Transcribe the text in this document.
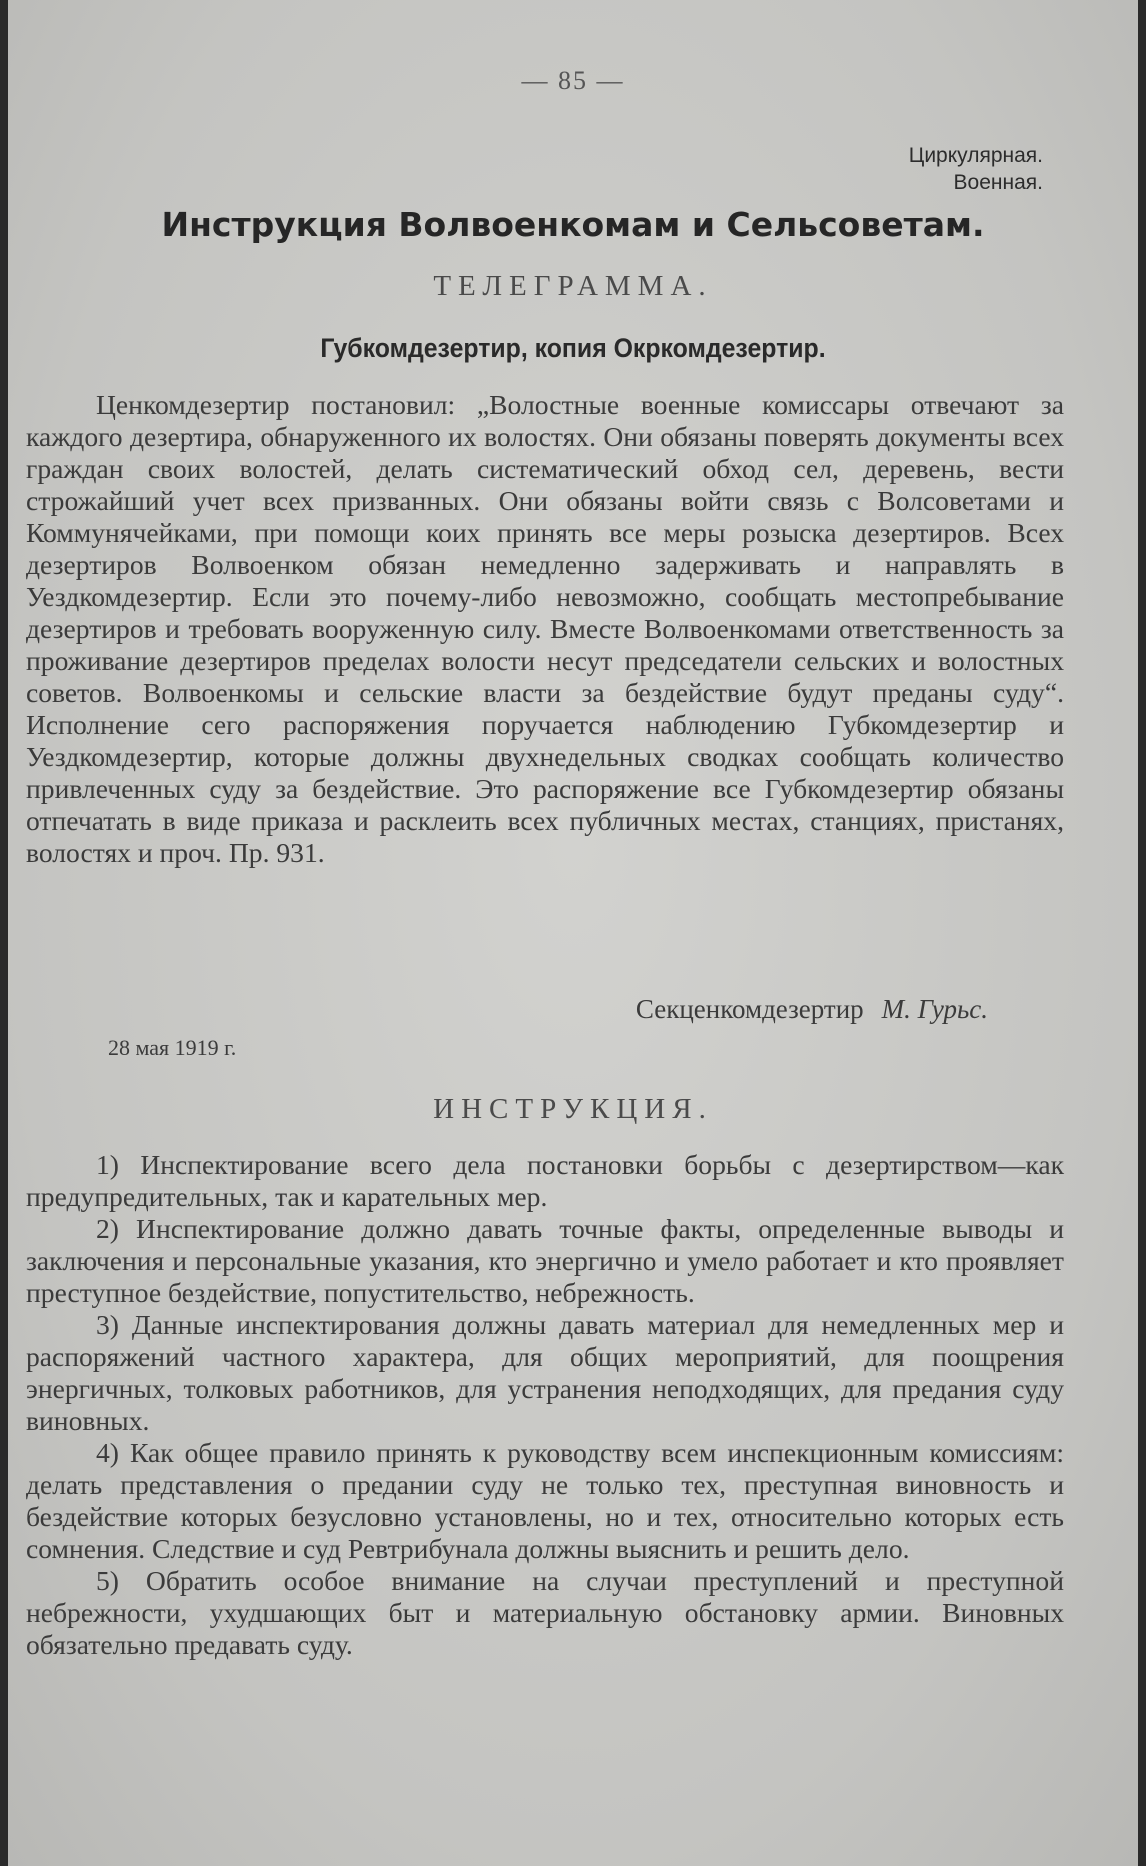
— 85 —
Циркулярная.
Военная.
Инструкция Волвоенкомам и Сельсоветам.
ТЕЛЕГРАММА.
Губкомдезертир, копия Окркомдезертир.

Ценкомдезертир постановил: „Волостные военные комиссары отвечают за каждого дезертира, обнаруженного их волостях. Они обязаны поверять документы всех граждан своих волостей, делать систематический обход сел, деревень, вести строжайший учет всех призванных. Они обязаны войти связь с Волсоветами и Коммунячейками, при помощи коих принять все меры розыска дезертиров. Всех дезертиров Волвоенком обязан немедленно задерживать и направлять в Уездкомдезертир. Если это почему-либо невозможно, сообщать местопребывание дезертиров и требовать вооруженную силу. Вместе Волвоенкомами ответственность за проживание дезертиров пределах волости несут председатели сельских и волостных советов. Волвоенкомы и сельские власти за бездействие будут преданы суду“. Исполнение сего распоряжения поручается наблюдению Губкомдезертир и Уездкомдезертир, которые должны двухнедельных сводках сообщать количество привлеченных суду за бездействие. Это распоряжение все Губкомдезертир обязаны отпечатать в виде приказа и расклеить всех публичных местах, станциях, пристанях, волостях и проч. Пр. 931.

Секценкомдезертир М. Гурьс.
28 мая 1919 г.
ИНСТРУКЦИЯ.

1) Инспектирование всего дела постановки борьбы с дезертирством—как предупредительных, так и карательных мер.

2) Инспектирование должно давать точные факты, определенные выводы и заключения и персональные указания, кто энергично и умело работает и кто проявляет преступное бездействие, попустительство, небрежность.

3) Данные инспектирования должны давать материал для немедленных мер и распоряжений частного характера, для общих мероприятий, для поощрения энергичных, толковых работников, для устранения неподходящих, для предания суду виновных.

4) Как общее правило принять к руководству всем инспекционным комиссиям: делать представления о предании суду не только тех, преступная виновность и бездействие которых безусловно установлены, но и тех, относительно которых есть сомнения. Следствие и суд Ревтрибунала должны выяснить и решить дело.

5) Обратить особое внимание на случаи преступлений и преступной небрежности, ухудшающих быт и материальную обстановку армии. Виновных обязательно предавать суду.
